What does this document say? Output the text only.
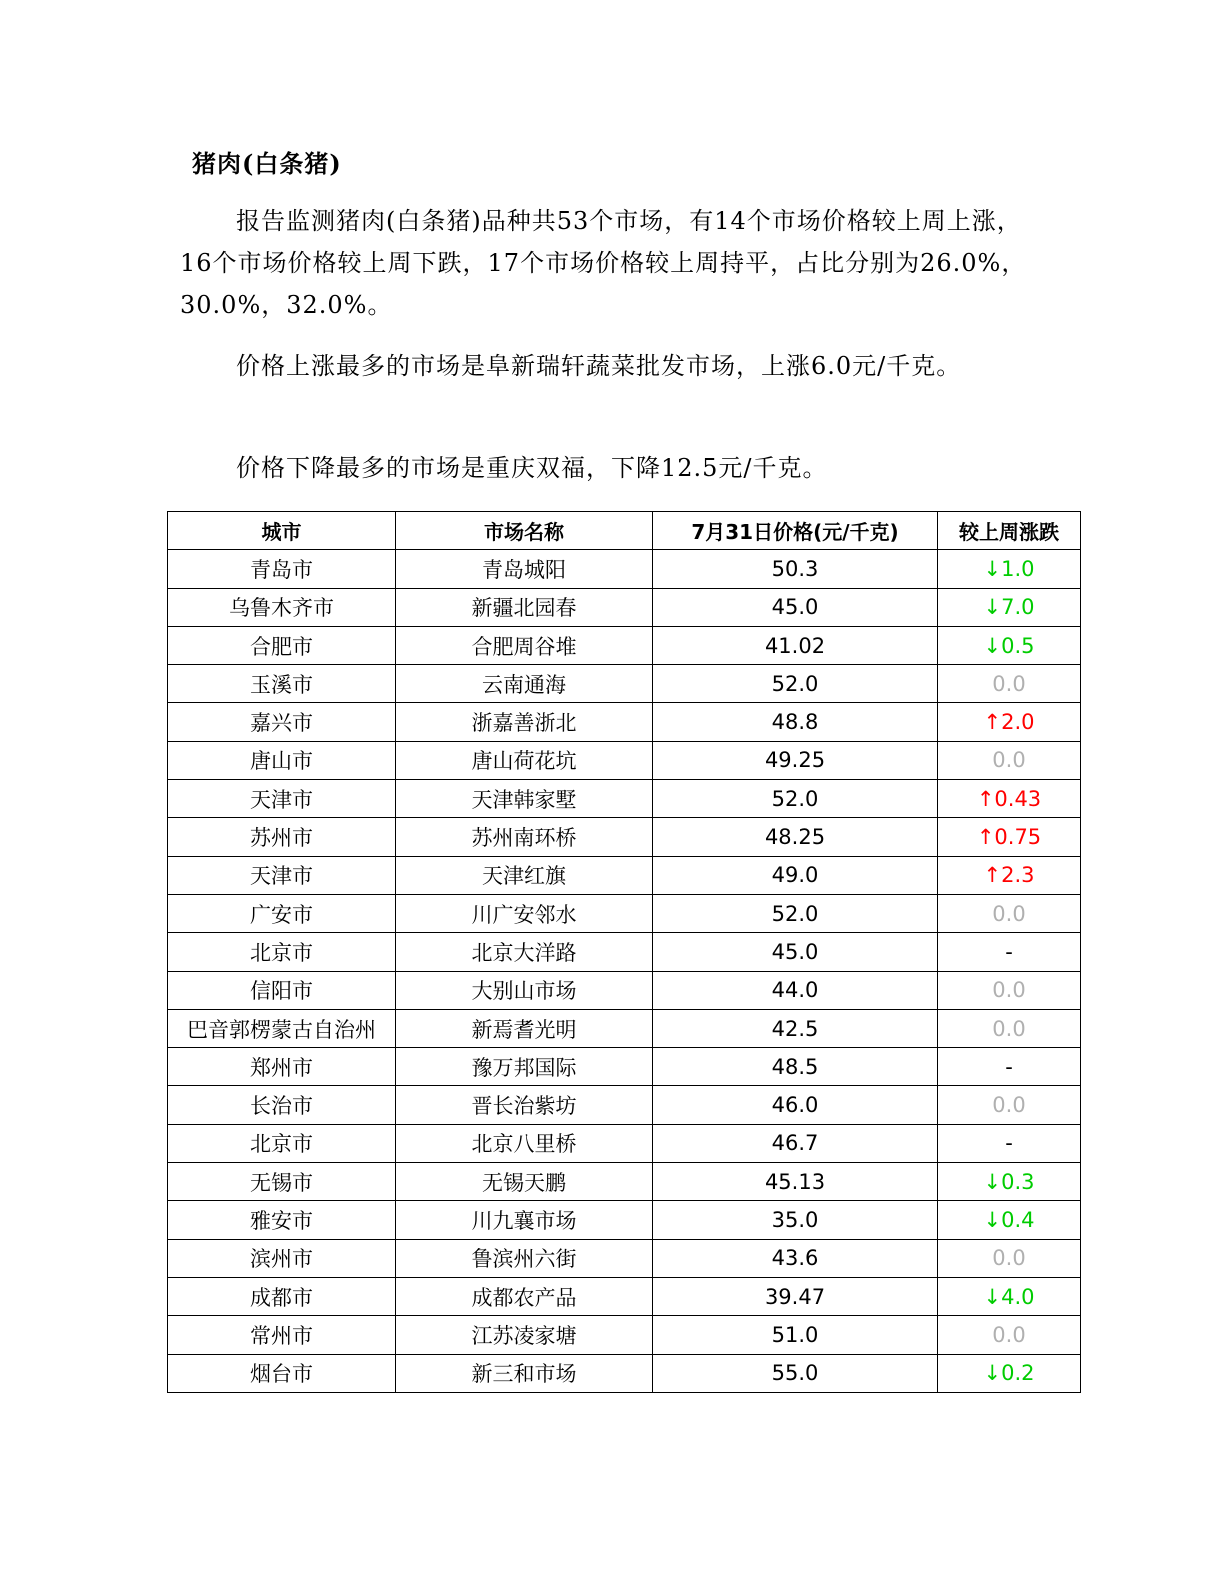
猪肉(白条猪)

报告监测猪肉(白条猪)品种共53个市场，有14个市场价格较上周上涨，16个市场价格较上周下跌，17个市场价格较上周持平，占比分别为26.0%，30.0%，32.0%。

价格上涨最多的市场是阜新瑞轩蔬菜批发市场，上涨6.0元/千克。

价格下降最多的市场是重庆双福，下降12.5元/千克。

城市	市场名称	7月31日价格(元/千克)	较上周涨跌
青岛市	青岛城阳	50.3	↓1.0
乌鲁木齐市	新疆北园春	45.0	↓7.0
合肥市	合肥周谷堆	41.02	↓0.5
玉溪市	云南通海	52.0	0.0
嘉兴市	浙嘉善浙北	48.8	↑2.0
唐山市	唐山荷花坑	49.25	0.0
天津市	天津韩家墅	52.0	↑0.43
苏州市	苏州南环桥	48.25	↑0.75
天津市	天津红旗	49.0	↑2.3
广安市	川广安邻水	52.0	0.0
北京市	北京大洋路	45.0	-
信阳市	大别山市场	44.0	0.0
巴音郭楞蒙古自治州	新焉耆光明	42.5	0.0
郑州市	豫万邦国际	48.5	-
长治市	晋长治紫坊	46.0	0.0
北京市	北京八里桥	46.7	-
无锡市	无锡天鹏	45.13	↓0.3
雅安市	川九襄市场	35.0	↓0.4
滨州市	鲁滨州六街	43.6	0.0
成都市	成都农产品	39.47	↓4.0
常州市	江苏凌家塘	51.0	0.0
烟台市	新三和市场	55.0	↓0.2
